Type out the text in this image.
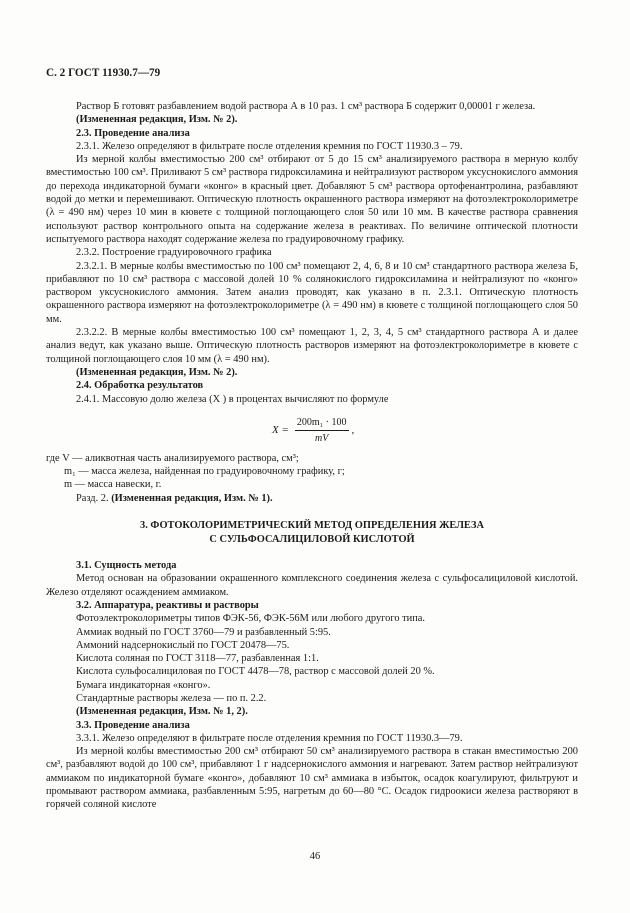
С. 2 ГОСТ 11930.7—79

Раствор Б готовят разбавлением водой раствора А в 10 раз. 1 см³ раствора Б содержит 0,00001 г железа.

(Измененная редакция, Изм. № 2).

2.3. Проведение анализа

2.3.1. Железо определяют в фильтрате после отделения кремния по ГОСТ 11930.3 – 79.

Из мерной колбы вместимостью 200 см³ отбирают от 5 до 15 см³ анализируемого раствора в мерную колбу вместимостью 100 см³. Приливают 5 см³ раствора гидроксиламина и нейтрализуют раствором уксуснокислого аммония до перехода индикаторной бумаги «конго» в красный цвет. Добавляют 5 см³ раствора ортофенантролина, разбавляют водой до метки и перемешивают. Оптическую плотность окрашенного раствора измеряют на фотоэлектроколориметре (λ = 490 нм) через 10 мин в кювете с толщиной поглощающего слоя 50 или 10 мм. В качестве раствора сравнения используют раствор контрольного опыта на содержание железа в реактивах. По величине оптической плотности испытуемого раствора находят содержание железа по градуировочному графику.

2.3.2. Построение градуировочного графика

2.3.2.1. В мерные колбы вместимостью по 100 см³ помещают 2, 4, 6, 8 и 10 см³ стандартного раствора железа Б, прибавляют по 10 см³ раствора с массовой долей 10 % солянокислого гидроксиламина и нейтрализуют по «конго» раствором уксуснокислого аммония. Затем анализ проводят, как указано в п. 2.3.1. Оптическую плотность окрашенного раствора измеряют на фотоэлектроколориметре (λ = 490 нм) в кювете с толщиной поглощающего слоя 50 мм.

2.3.2.2. В мерные колбы вместимостью 100 см³ помещают 1, 2, 3, 4, 5 см³ стандартного раствора А и далее анализ ведут, как указано выше. Оптическую плотность растворов измеряют на фотоэлектроколориметре в кювете с толщиной поглощающего слоя 10 мм (λ = 490 нм).

(Измененная редакция, Изм. № 2).

2.4. Обработка результатов

2.4.1. Массовую долю железа (X ) в процентах вычисляют по формуле

$X = \frac{\text{200m₁ · 100}}{mV}$ ,

где V — аликвотная часть анализируемого раствора, см³;

m₁ — масса железа, найденная по градуировочному графику, г;

m — масса навески, г.

Разд. 2. (Измененная редакция, Изм. № 1).

3. ФОТОКОЛОРИМЕТРИЧЕСКИЙ МЕТОД ОПРЕДЕЛЕНИЯ ЖЕЛЕЗА
С СУЛЬФОСАЛИЦИЛОВОЙ КИСЛОТОЙ

3.1. Сущность метода

Метод основан на образовании окрашенного комплексного соединения железа с сульфосалициловой кислотой. Железо отделяют осаждением аммиаком.

3.2. Аппаратура, реактивы и растворы

Фотоэлектроколориметры типов ФЭК-56, ФЭК-56М или любого другого типа.

Аммиак водный по ГОСТ 3760—79 и разбавленный 5:95.

Аммоний надсернокислый по ГОСТ 20478—75.

Кислота соляная по ГОСТ 3118—77, разбавленная 1:1.

Кислота сульфосалициловая по ГОСТ 4478—78, раствор с массовой долей 20 %.

Бумага индикаторная «конго».

Стандартные растворы железа — по п. 2.2.

(Измененная редакция, Изм. № 1, 2).

3.3. Проведение анализа

3.3.1. Железо определяют в фильтрате после отделения кремния по ГОСТ 11930.3—79.

Из мерной колбы вместимостью 200 см³ отбирают 50 см³ анализируемого раствора в стакан вместимостью 200 см³, разбавляют водой до 100 см³, прибавляют 1 г надсернокислого аммония и нагревают. Затем раствор нейтрализуют аммиаком по индикаторной бумаге «конго», добавляют 10 см³ аммиака в избыток, осадок коагулируют, фильтруют и промывают раствором аммиака, разбавленным 5:95, нагретым до 60—80 °С. Осадок гидроокиси железа растворяют в горячей соляной кислоте

46
